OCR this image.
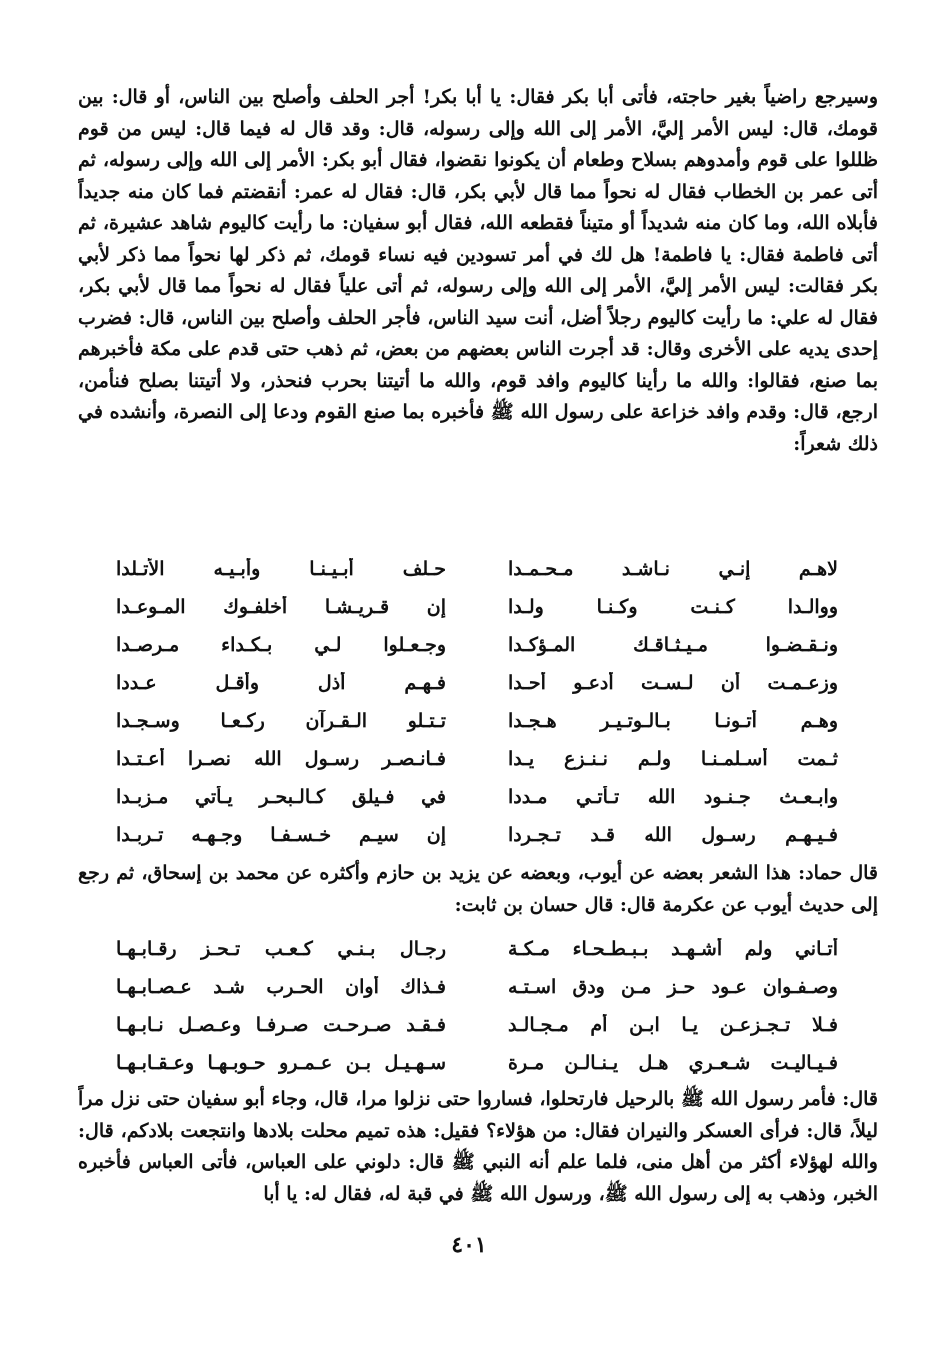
وسيرجع راضياً بغير حاجته، فأتى أبا بكر فقال: يا أبا بكر! أجر الحلف وأصلح بين الناس، أو قال: بين قومك، قال: ليس الأمر إليَّ، الأمر إلى الله وإلى رسوله، قال: وقد قال له فيما قال: ليس من قوم ظللوا على قوم وأمدوهم بسلاح وطعام أن يكونوا نقضوا، فقال أبو بكر: الأمر إلى الله وإلى رسوله، ثم أتى عمر بن الخطاب فقال له نحواً مما قال لأبي بكر، قال: فقال له عمر: أنقضتم فما كان منه جديداً فأبلاه الله، وما كان منه شديداً أو متيناً فقطعه الله، فقال أبو سفيان: ما رأيت كاليوم شاهد عشيرة، ثم أتى فاطمة فقال: يا فاطمة! هل لك في أمر تسودين فيه نساء قومك، ثم ذكر لها نحواً مما ذكر لأبي بكر فقالت: ليس الأمر إليَّ، الأمر إلى الله وإلى رسوله، ثم أتى علياً فقال له نحواً مما قال لأبي بكر، فقال له علي: ما رأيت كاليوم رجلاً أضل، أنت سيد الناس، فأجر الحلف وأصلح بين الناس، قال: فضرب إحدى يديه على الأخرى وقال: قد أجرت الناس بعضهم من بعض، ثم ذهب حتى قدم على مكة فأخبرهم بما صنع، فقالوا: والله ما رأينا كاليوم وافد قوم، والله ما أتيتنا بحرب فنحذر، ولا أتيتنا بصلح فنأمن، ارجع، قال: وقدم وافد خزاعة على رسول الله ﷺ فأخبره بما صنع القوم ودعا إلى النصرة، وأنشده في ذلك شعراً:

لاهـم إنـي نـاشـد مـحـمـدا
حـلف أبـيـنـا وأبـيـه الأتـلدا
ووالـدا كـنـت وكـنـا ولـدا
إن قـريـشـا أخلفـوك المـوعـدا
ونـقـضـوا مـيـثـاقـك المـؤكـدا
وجـعـلوا لـي بـكـداء مـرصـدا
وزعـمـت أن لـسـت أدعـو أحـدا
فـهـم أذل وأقـل عـددا
وهـم أتـونـا بـالـوتـيـر هـجـدا
تـتـلو الـقـرآن ركـعـا وسـجـدا
ثـمت أسـلمـنـا ولـم نـنـزع يـدا
فـانـصـر رسـول الله نصـرا أعـتـدا
وابـعـث جـنـود الله تـأتـي مـددا
في فـيلق كـالـبحـر يـأتي مـزبـدا
فـيـهـم رسـول الله قـد تـجـردا
إن سيـم خـسـفـا وجـهـه تـربـدا

قال حماد: هذا الشعر بعضه عن أيوب، وبعضه عن يزيد بن حازم وأكثره عن محمد بن إسحاق، ثم رجع إلى حديث أيوب عن عكرمة قال: قال حسان بن ثابت:

أتـاني ولم أشـهـد بـبـطـحـاء مـكـة
رجـال بـنـي كـعـب تـحـز رقـابـهـا
وصـفـوان عـود حـز مـن ودق اسـتـه
فـذاك أوان الحـرب شـد عـصـابـهـا
فـلا تـجـزعـن يـا ابـن أم مـجـالـد
فـقـد صـرحـت صـرفـا وعـصـل نـابـهـا
فـيـاليـت شـعـري هـل يـنـالـن مـرة
سـهـيـل بـن عـمـرو حـوبـهـا وعـقـابـهـا

قال: فأمر رسول الله ﷺ بالرحيل فارتحلوا، فساروا حتى نزلوا مرا، قال، وجاء أبو سفيان حتى نزل مراً ليلاً، قال: فرأى العسكر والنيران فقال: من هؤلاء؟ فقيل: هذه تميم محلت بلادها وانتجعت بلادكم، قال: والله لهؤلاء أكثر من أهل منى، فلما علم أنه النبي ﷺ قال: دلوني على العباس، فأتى العباس فأخبره الخبر، وذهب به إلى رسول الله ﷺ، ورسول الله ﷺ في قبة له، فقال له: يا أبا

٤٠١
